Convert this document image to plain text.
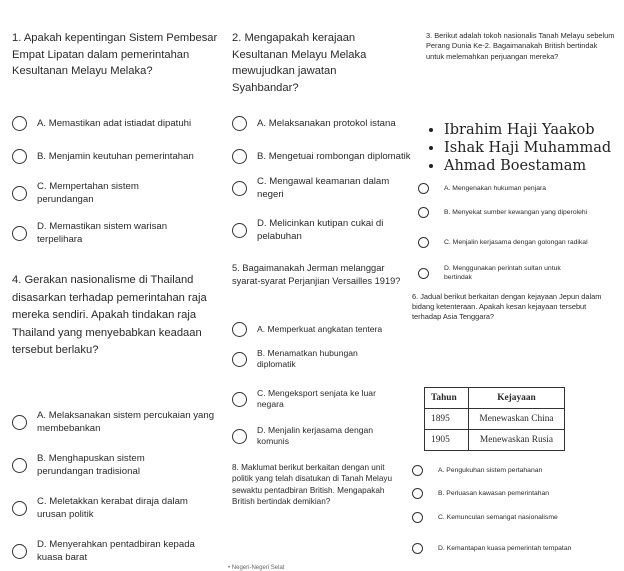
1. Apakah kepentingan Sistem Pembesar Empat Lipatan dalam pemerintahan Kesultanan Melayu Melaka?
A. Memastikan adat istiadat dipatuhi
B. Menjamin keutuhan pemerintahan
C. Mempertahan sistem perundangan
D. Memastikan sistem warisan terpelihara
2. Mengapakah kerajaan Kesultanan Melayu Melaka mewujudkan jawatan Syahbandar?
A. Melaksanakan protokol istana
B. Mengetuai rombongan diplomatik
C. Mengawal keamanan dalam negeri
D. Melicinkan kutipan cukai di pelabuhan
3. Berikut adalah tokoh nasionalis Tanah Melayu sebelum Perang Dunia Ke-2. Bagaimanakah British bertindak untuk melemahkan perjuangan mereka?
Ibrahim Haji Yaakob
Ishak Haji Muhammad
Ahmad Boestamam
A. Mengenakan hukuman penjara
B. Menyekat sumber kewangan yang diperolehi
C. Menjalin kerjasama dengan golongan radikal
D. Menggunakan perintah sultan untuk bertindak
4. Gerakan nasionalisme di Thailand disasarkan terhadap pemerintahan raja mereka sendiri. Apakah tindakan raja Thailand yang menyebabkan keadaan tersebut berlaku?
A. Melaksanakan sistem percukaian yang membebankan
B. Menghapuskan sistem perundangan tradisional
C. Meletakkan kerabat diraja dalam urusan politik
D. Menyerahkan pentadbiran kepada kuasa barat
5. Bagaimanakah Jerman melanggar syarat-syarat Perjanjian Versailles 1919?
A. Memperkuat angkatan tentera
B. Menamatkan hubungan diplomatik
C. Mengeksport senjata ke luar negara
D. Menjalin kerjasama dengan komunis
6. Jadual berikut berkaitan dengan kejayaan Jepun dalam bidang ketenteraan. Apakah kesan kejayaan tersebut terhadap Asia Tenggara?
Tahun	Kejayaan
1895	Menewaskan China
1905	Menewaskan Rusia
A. Pengukuhan sistem pertahanan
B. Perluasan kawasan pemerintahan
C. Kemunculan semangat nasionalisme
D. Kemantapan kuasa pemerintah tempatan
8. Maklumat berikut berkaitan dengan unit politik yang telah disatukan di Tanah Melayu sewaktu pentadbiran British. Mengapakah British bertindak demikian?
• Negeri-Negeri Selat
